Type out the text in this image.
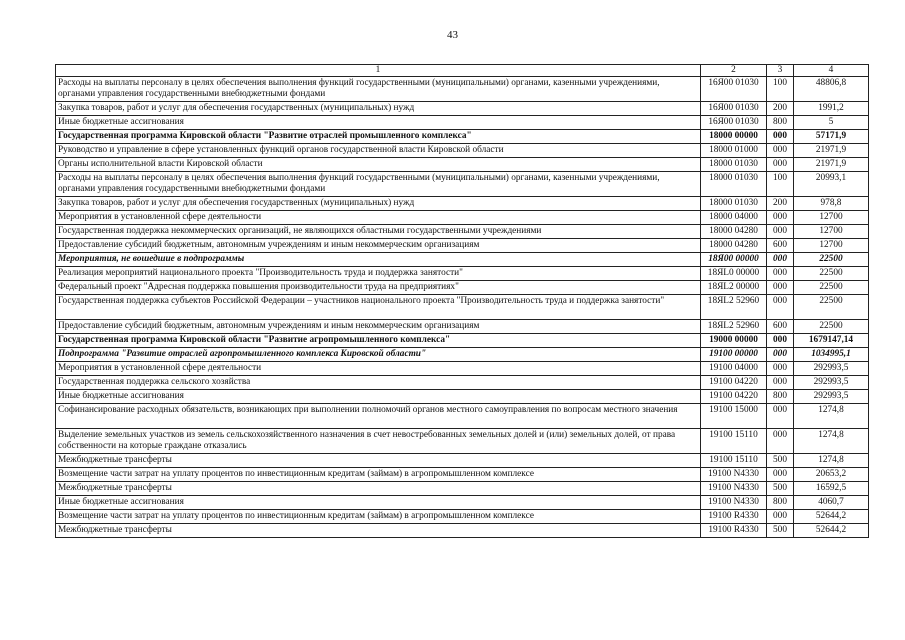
43
1	2	3	4
Расходы на выплаты персоналу в целях обеспечения выполнения функций государственными (муниципальными) органами, казенными учреждениями, органами управления государственными внебюджетными фондами	16Я00 01030	100	48806,8
Закупка товаров, работ и услуг для обеспечения государственных (муниципальных) нужд	16Я00 01030	200	1991,2
Иные бюджетные ассигнования	16Я00 01030	800	5
Государственная программа Кировской области "Развитие отраслей промышленного комплекса"	18000 00000	000	57171,9
Руководство и управление в сфере установленных функций органов государственной власти Кировской области	18000 01000	000	21971,9
Органы исполнительной власти Кировской области	18000 01030	000	21971,9
Расходы на выплаты персоналу в целях обеспечения выполнения функций государственными (муниципальными) органами, казенными учреждениями, органами управления государственными внебюджетными фондами	18000 01030	100	20993,1
Закупка товаров, работ и услуг для обеспечения государственных (муниципальных) нужд	18000 01030	200	978,8
Мероприятия в установленной сфере деятельности	18000 04000	000	12700
Государственная поддержка некоммерческих организаций, не являющихся областными государственными учреждениями	18000 04280	000	12700
Предоставление субсидий бюджетным, автономным учреждениям и иным некоммерческим организациям	18000 04280	600	12700
Мероприятия, не вошедшие в подпрограммы	18Я00 00000	000	22500
Реализация мероприятий национального проекта "Производительность труда и поддержка занятости"	18ЯL0 00000	000	22500
Федеральный проект "Адресная поддержка повышения производительности труда на предприятиях"	18ЯL2 00000	000	22500
Государственная поддержка субъектов Российской Федерации – участников национального проекта "Производительность труда и поддержка занятости"	18ЯL2 52960	000	22500
Предоставление субсидий бюджетным, автономным учреждениям и иным некоммерческим организациям	18ЯL2 52960	600	22500
Государственная программа Кировской области "Развитие агропромышленного комплекса"	19000 00000	000	1679147,14
Подпрограмма "Развитие отраслей агропромышленного комплекса Кировской области"	19100 00000	000	1034995,1
Мероприятия в установленной сфере деятельности	19100 04000	000	292993,5
Государственная поддержка сельского хозяйства	19100 04220	000	292993,5
Иные бюджетные ассигнования	19100 04220	800	292993,5
Софинансирование расходных обязательств, возникающих при выполнении полномочий органов местного самоуправления по вопросам местного значения	19100 15000	000	1274,8
Выделение земельных участков из земель сельскохозяйственного назначения в счет невостребованных земельных долей и (или) земельных долей, от права собственности на которые граждане отказались	19100 15110	000	1274,8
Межбюджетные трансферты	19100 15110	500	1274,8
Возмещение части затрат на уплату процентов по инвестиционным кредитам (займам) в агропромышленном комплексе	19100 N4330	000	20653,2
Межбюджетные трансферты	19100 N4330	500	16592,5
Иные бюджетные ассигнования	19100 N4330	800	4060,7
Возмещение части затрат на уплату процентов по инвестиционным кредитам (займам) в агропромышленном комплексе	19100 R4330	000	52644,2
Межбюджетные трансферты	19100 R4330	500	52644,2
